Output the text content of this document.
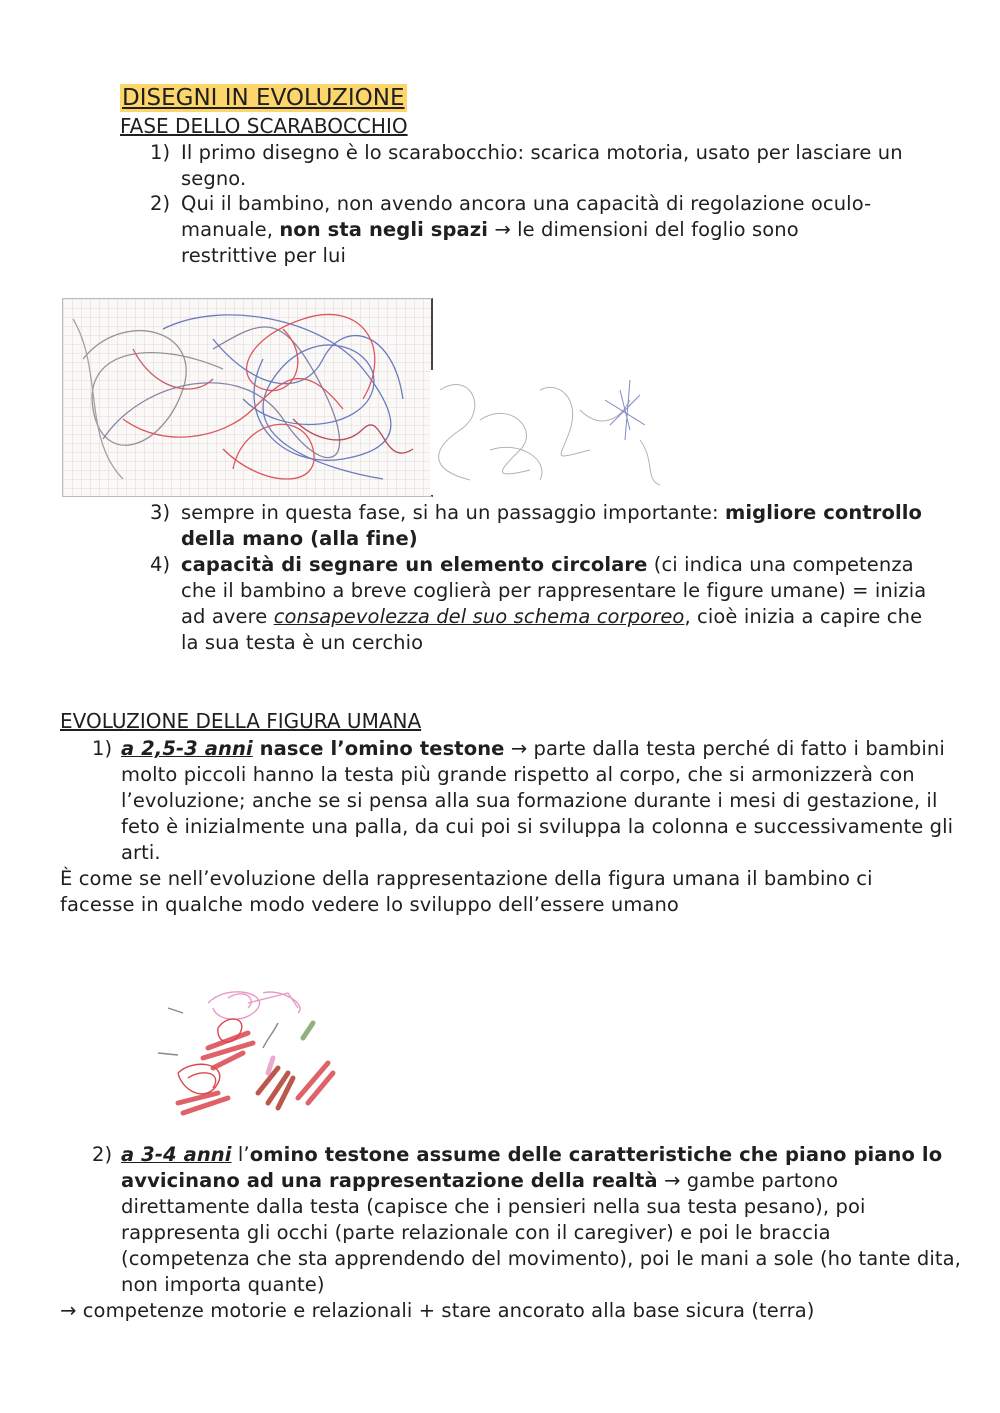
DISEGNI IN EVOLUZIONE
FASE DELLO SCARABOCCHIO
1) Il primo disegno è lo scarabocchio: scarica motoria, usato per lasciare un segno.
2) Qui il bambino, non avendo ancora una capacità di regolazione oculo-manuale, non sta negli spazi → le dimensioni del foglio sono restrittive per lui
3) sempre in questa fase, si ha un passaggio importante: migliore controllo della mano (alla fine)
4) capacità di segnare un elemento circolare (ci indica una competenza che il bambino a breve coglierà per rappresentare le figure umane) = inizia ad avere consapevolezza del suo schema corporeo, cioè inizia a capire che la sua testa è un cerchio
EVOLUZIONE DELLA FIGURA UMANA
1) a 2,5-3 anni nasce l’omino testone → parte dalla testa perché di fatto i bambini molto piccoli hanno la testa più grande rispetto al corpo, che si armonizzerà con l’evoluzione; anche se si pensa alla sua formazione durante i mesi di gestazione, il feto è inizialmente una palla, da cui poi si sviluppa la colonna e successivamente gli arti.
È come se nell’evoluzione della rappresentazione della figura umana il bambino ci facesse in qualche modo vedere lo sviluppo dell’essere umano
2) a 3-4 anni l’omino testone assume delle caratteristiche che piano piano lo avvicinano ad una rappresentazione della realtà → gambe partono direttamente dalla testa (capisce che i pensieri nella sua testa pesano), poi rappresenta gli occhi (parte relazionale con il caregiver) e poi le braccia (competenza che sta apprendendo del movimento), poi le mani a sole (ho tante dita, non importa quante)
→ competenze motorie e relazionali + stare ancorato alla base sicura (terra)
